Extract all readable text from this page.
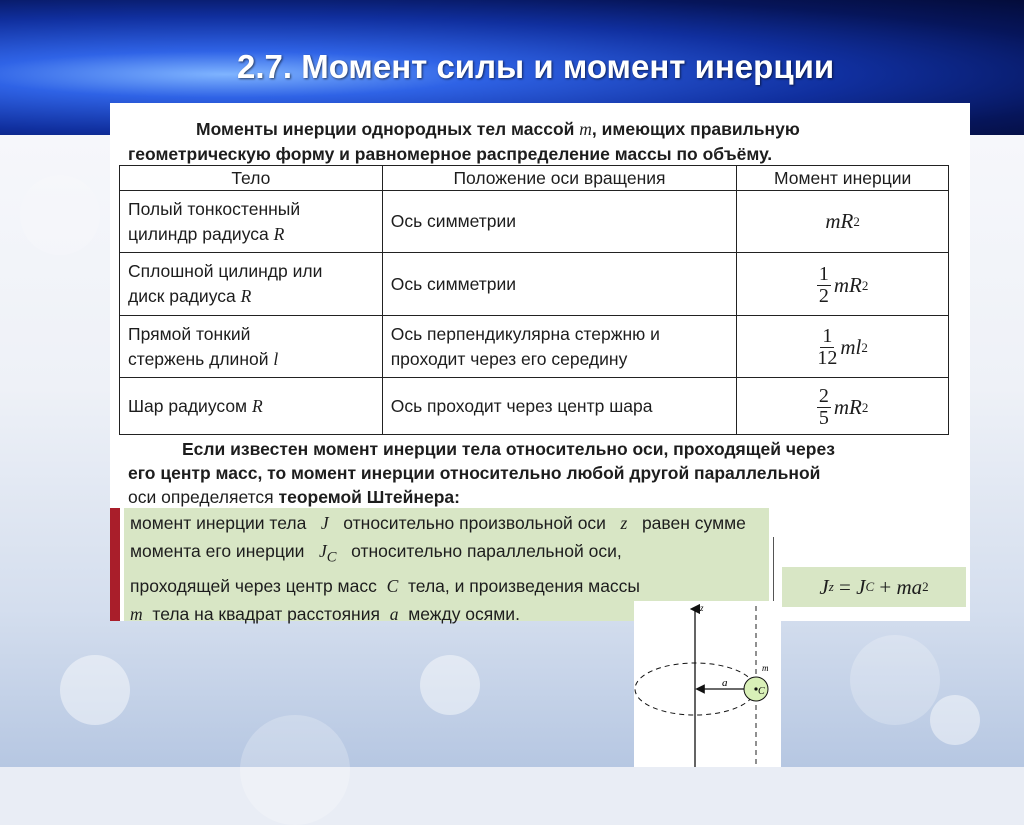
2.7. Момент силы и момент инерции
Моменты инерции однородных тел массой m, имеющих правильную
геометрическую форму и равномерное распределение массы по объёму.
Тело	Положение оси вращения	Момент инерции
Полый тонкостенный
цилиндр радиуса R	Ось симметрии	mR 2

Сплошной цилиндр или
диск радиуса R	Ось симметрии	$\frac{1}{2}$ mR 2

Прямой тонкий
стержень длиной l	Ось перпендикулярна стержню и
проходит через его середину	$\frac{1}{12}$ ml 2

Шар радиусом R	Ось проходит через центр шара	$\frac{2}{5}$ mR 2
Если известен момент инерции тела относительно оси, проходящей через
его центр масс, то момент инерции относительно любой другой параллельной
оси определяется теоремой Штейнера:
момент инерции тела J относительно произвольной оси z равен сумме
момента его инерции $J_C$ относительно параллельной оси,
проходящей через центр масс C тела, и произведения массы
m тела на квадрат расстояния a между осями.
J z
=
J C
+
ma 2
z
m
C
a
